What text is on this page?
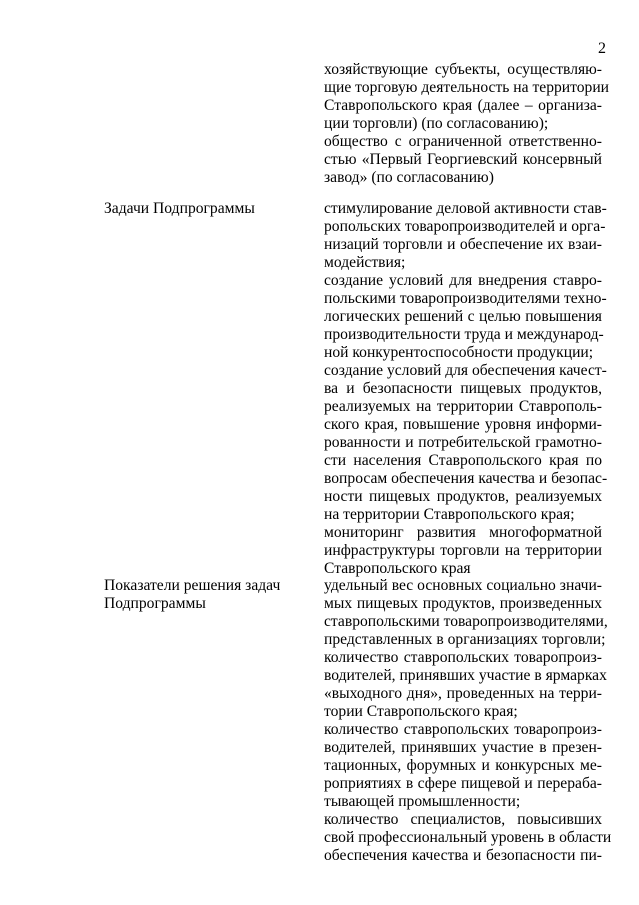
2
хозяйствующие субъекты, осуществляю-
щие торговую деятельность на территории
Ставропольского края (далее – организа-
ции торговли) (по согласованию);
общество с ограниченной ответственно-
стью «Первый Георгиевский консервный
завод» (по согласованию)
Задачи Подпрограммы	стимулирование деловой активности став-
ропольских товаропроизводителей и орга-
низаций торговли и обеспечение их взаи-
модействия;
создание условий для внедрения ставро-
польскими товаропроизводителями техно-
логических решений с целью повышения
производительности труда и международ-
ной конкурентоспособности продукции;
создание условий для обеспечения качест-
ва и безопасности пищевых продуктов,
реализуемых на территории Ставрополь-
ского края, повышение уровня информи-
рованности и потребительской грамотно-
сти населения Ставропольского края по
вопросам обеспечения качества и безопас-
ности пищевых продуктов, реализуемых
на территории Ставропольского края;
мониторинг развития многоформатной
инфраструктуры торговли на территории
Ставропольского края
Показатели решения задач
Подпрограммы
удельный вес основных социально значи-
мых пищевых продуктов, произведенных
ставропольскими товаропроизводителями,
представленных в организациях торговли;
количество ставропольских товаропроиз-
водителей, принявших участие в ярмарках
«выходного дня», проведенных на терри-
тории Ставропольского края;
количество ставропольских товаропроиз-
водителей, принявших участие в презен-
тационных, форумных и конкурсных ме-
роприятиях в сфере пищевой и перераба-
тывающей промышленности;
количество специалистов, повысивших
свой профессиональный уровень в области
обеспечения качества и безопасности пи-
